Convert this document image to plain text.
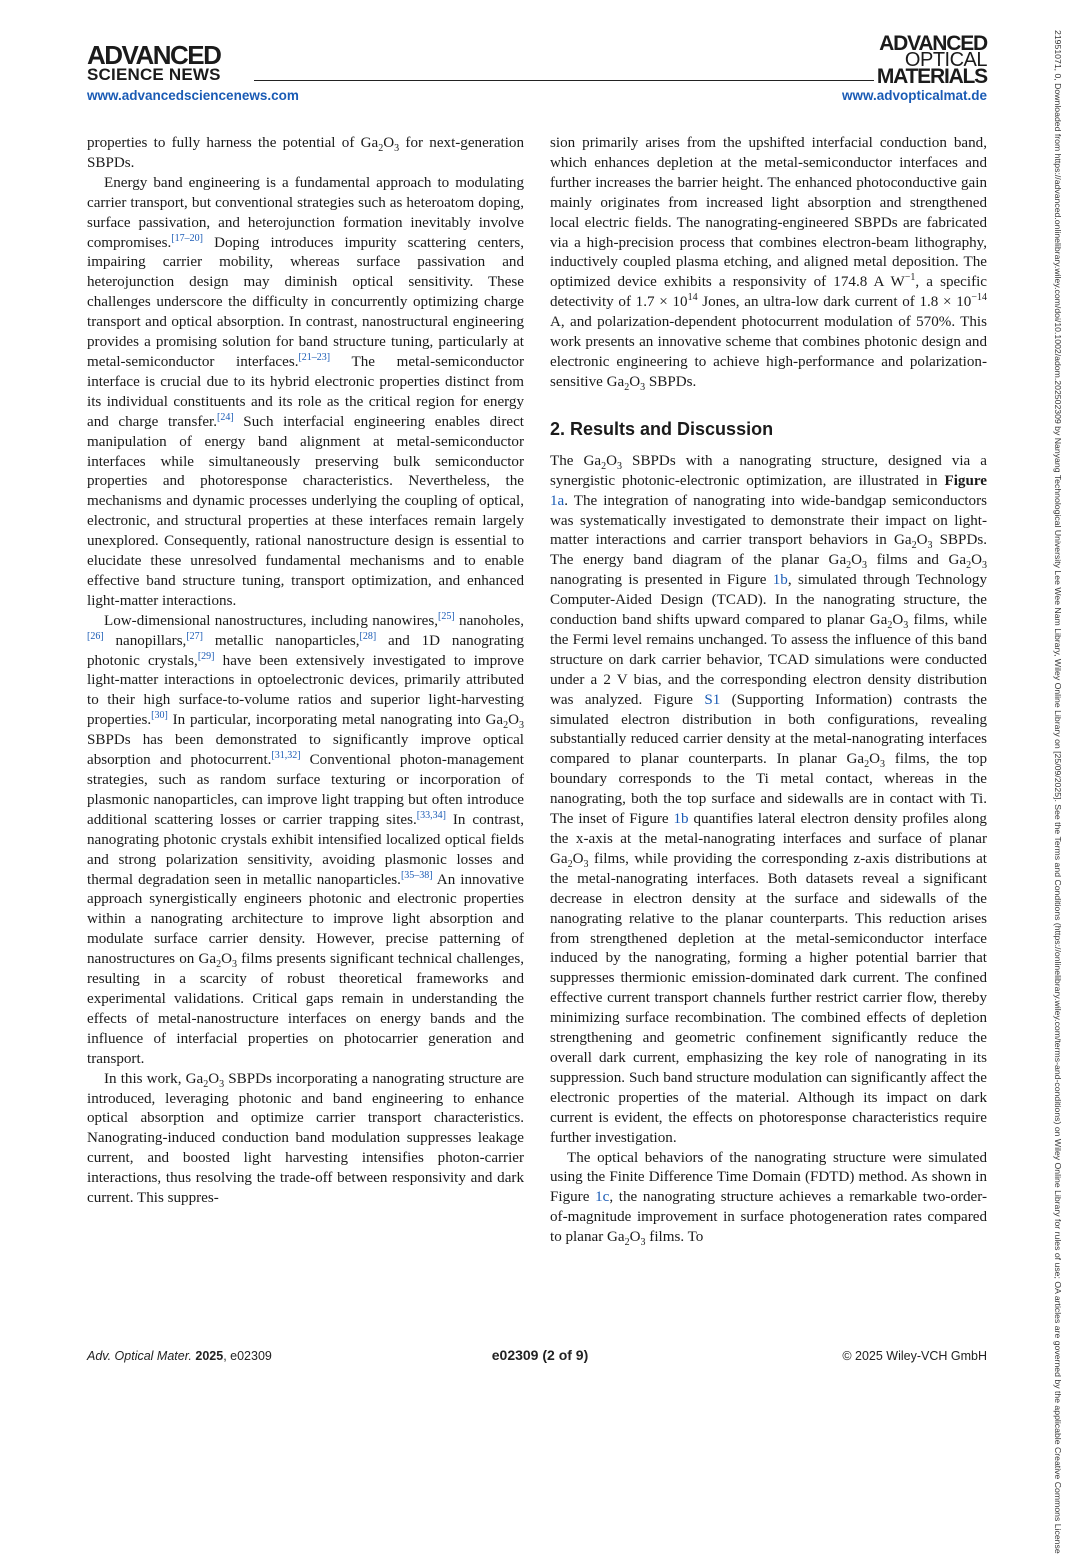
ADVANCED
SCIENCE NEWS
ADVANCED
OPTICAL
MATERIALS
www.advancedsciencenews.com	www.advopticalmat.de

properties to fully harness the potential of $Ga_2O_3$ for next-generation SBPDs.

Energy band engineering is a fundamental approach to modulating carrier transport, but conventional strategies such as heteroatom doping, surface passivation, and heterojunction formation inevitably involve compromises.[17–20] Doping introduces impurity scattering centers, impairing carrier mobility, whereas surface passivation and heterojunction design may diminish optical sensitivity. These challenges underscore the difficulty in concurrently optimizing charge transport and optical absorption. In contrast, nanostructural engineering provides a promising solution for band structure tuning, particularly at metal-semiconductor interfaces.[21–23] The metal-semiconductor interface is crucial due to its hybrid electronic properties distinct from its individual constituents and its role as the critical region for energy and charge transfer.[24] Such interfacial engineering enables direct manipulation of energy band alignment at metal-semiconductor interfaces while simultaneously preserving bulk semiconductor properties and photoresponse characteristics. Nevertheless, the mechanisms and dynamic processes underlying the coupling of optical, electronic, and structural properties at these interfaces remain largely unexplored. Consequently, rational nanostructure design is essential to elucidate these unresolved fundamental mechanisms and to enable effective band structure tuning, transport optimization, and enhanced light-matter interactions.

Low-dimensional nanostructures, including nanowires,[25] nanoholes,[26] nanopillars,[27] metallic nanoparticles,[28] and 1D nanograting photonic crystals,[29] have been extensively investigated to improve light-matter interactions in optoelectronic devices, primarily attributed to their high surface-to-volume ratios and superior light-harvesting properties.[30] In particular, incorporating metal nanograting into $Ga_2O_3$ SBPDs has been demonstrated to significantly improve optical absorption and photocurrent.[31,32] Conventional photon-management strategies, such as random surface texturing or incorporation of plasmonic nanoparticles, can improve light trapping but often introduce additional scattering losses or carrier trapping sites.[33,34] In contrast, nanograting photonic crystals exhibit intensified localized optical fields and strong polarization sensitivity, avoiding plasmonic losses and thermal degradation seen in metallic nanoparticles.[35–38] An innovative approach synergistically engineers photonic and electronic properties within a nanograting architecture to improve light absorption and modulate surface carrier density. However, precise patterning of nanostructures on $Ga_2O_3$ films presents significant technical challenges, resulting in a scarcity of robust theoretical frameworks and experimental validations. Critical gaps remain in understanding the effects of metal-nanostructure interfaces on energy bands and the influence of interfacial properties on photocarrier generation and transport.

In this work, $Ga_2O_3$ SBPDs incorporating a nanograting structure are introduced, leveraging photonic and band engineering to enhance optical absorption and optimize carrier transport characteristics. Nanograting-induced conduction band modulation suppresses leakage current, and boosted light harvesting intensifies photon-carrier interactions, thus resolving the trade-off between responsivity and dark current. This suppres-

sion primarily arises from the upshifted interfacial conduction band, which enhances depletion at the metal-semiconductor interfaces and further increases the barrier height. The enhanced photoconductive gain mainly originates from increased light absorption and strengthened local electric fields. The nanograting-engineered SBPDs are fabricated via a high-precision process that combines electron-beam lithography, inductively coupled plasma etching, and aligned metal deposition. The optimized device exhibits a responsivity of 174.8 A $W^{-1}$, a specific detectivity of $1.7 \times 10^{14}$ Jones, an ultra-low dark current of $1.8 \times 10^{-14}$ A, and polarization-dependent photocurrent modulation of 570%. This work presents an innovative scheme that combines photonic design and electronic engineering to achieve high-performance and polarization-sensitive $Ga_2O_3$ SBPDs.

2. Results and Discussion

The $Ga_2O_3$ SBPDs with a nanograting structure, designed via a synergistic photonic-electronic optimization, are illustrated in Figure 1a. The integration of nanograting into wide-bandgap semiconductors was systematically investigated to demonstrate their impact on light-matter interactions and carrier transport behaviors in $Ga_2O_3$ SBPDs. The energy band diagram of the planar $Ga_2O_3$ films and $Ga_2O_3$ nanograting is presented in Figure 1b, simulated through Technology Computer-Aided Design (TCAD). In the nanograting structure, the conduction band shifts upward compared to planar $Ga_2O_3$ films, while the Fermi level remains unchanged. To assess the influence of this band structure on dark carrier behavior, TCAD simulations were conducted under a 2 V bias, and the corresponding electron density distribution was analyzed. Figure S1 (Supporting Information) contrasts the simulated electron distribution in both configurations, revealing substantially reduced carrier density at the metal-nanograting interfaces compared to planar counterparts. In planar $Ga_2O_3$ films, the top boundary corresponds to the Ti metal contact, whereas in the nanograting, both the top surface and sidewalls are in contact with Ti. The inset of Figure 1b quantifies lateral electron density profiles along the x-axis at the metal-nanograting interfaces and surface of planar $Ga_2O_3$ films, while providing the corresponding z-axis distributions at the metal-nanograting interfaces. Both datasets reveal a significant decrease in electron density at the surface and sidewalls of the nanograting relative to the planar counterparts. This reduction arises from strengthened depletion at the metal-semiconductor interface induced by the nanograting, forming a higher potential barrier that suppresses thermionic emission-dominated dark current. The confined effective current transport channels further restrict carrier flow, thereby minimizing surface recombination. The combined effects of depletion strengthening and geometric confinement significantly reduce the overall dark current, emphasizing the key role of nanograting in its suppression. Such band structure modulation can significantly affect the electronic properties of the material. Although its impact on dark current is evident, the effects on photoresponse characteristics require further investigation.

The optical behaviors of the nanograting structure were simulated using the Finite Difference Time Domain (FDTD) method. As shown in Figure 1c, the nanograting structure achieves a remarkable two-order-of-magnitude improvement in surface photogeneration rates compared to planar $Ga_2O_3$ films. To	21951071, 0, Downloaded from https://advanced.onlinelibrary.wiley.com/doi/10.1002/adom.202502309 by Nanyang Technological University Lee Wee Nam Library, Wiley Online Library on [25/09/2025]. See the Terms and Conditions (https://onlinelibrary.wiley.com/terms-and-conditions) on Wiley Online Library for rules of use; OA articles are governed by the applicable Creative Commons License
Adv. Optical Mater. 2025, e02309	e02309 (2 of 9)	© 2025 Wiley-VCH GmbH
